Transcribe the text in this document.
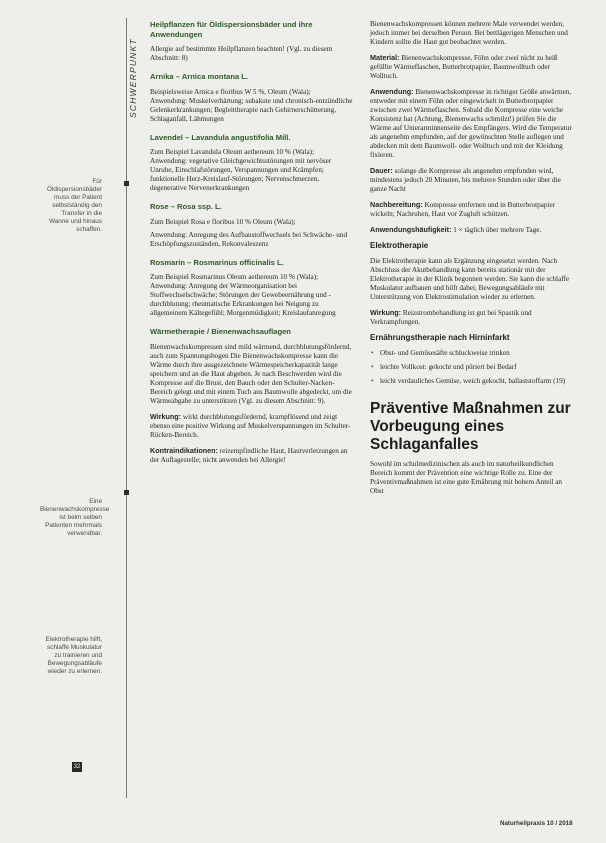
Für Öldispersionsbäder muss der Patient selbstständig den Transfer in die Wanne und hinaus schaffen.
Eine Bienenwachskompresse ist beim selben Patienten mehrmals verwendbar.
Elektrotherapie hilft, schlaffe Muskulatur zu trainieren und Bewegungsabläufe wieder zu erlernen.
SCHWERPUNKT

Heilpflanzen für Öldispersionsbäder und ihre Anwendungen

Allergie auf bestimmte Heilpflanzen beachten! (Vgl. zu diesem Abschnitt: 8)

Arnika – Arnica montana L.

Beispielsweise Arnica e floribus W 5 %, Oleum (Wala);

Anwendung: Muskelverhärtung; subakute und chronisch-entzündliche Gelenkerkrankungen; Begleittherapie nach Gehirnerschütterung, Schlaganfall, Lähmungen

Lavendel – Lavandula angustifolia Mill.

Zum Beispiel Lavandula Oleum aethereum 10 % (Wala);

Anwendung: vegetative Gleichgewichtsstörungen mit nervöser Unruhe, Einschlafstörungen, Verspannungen und Krämpfen; funktionelle Herz-Kreislauf-Störungen; Nervenschmerzen, degenerative Nervenerkrankungen

Rose – Rosa ssp. L.

Zum Beispiel Rosa e floribus 10 % Oleum (Wala);

Anwendung: Anregung des Aufbaustoffwechsels bei Schwäche- und Erschöpfungszuständen, Rekonvaleszenz

Rosmarin – Rosmarinus officinalis L.

Zum Beispiel Rosmarinus Oleum aethereum 10 % (Wala);

Anwendung: Anregung der Wärmeorganisation bei Stoffwechselschwäche; Störungen der Gewebeernährung und -durchblutung; rheumatische Erkrankungen bei Neigung zu allgemeinem Kältegefühl; Morgenmüdigkeit; Kreislaufanregung

Wärmetherapie / Bienenwachsauflagen

Bienenwachskompressen sind mild wärmend, durchblutungsfördernd, auch zum Spannungsbogen Die Bienenwachskompresse kann die Wärme durch ihre ausgezeichnete Wärmespeicherkapazität lange speichern und an die Haut abgeben. Je nach Beschwerden wird die Kompresse auf die Brust, den Bauch oder den Schulter-Nacken-Bereich gelegt und mit einem Tuch aus Baumwolle abgedeckt, um die Wärmeabgabe zu unterstützen (Vgl. zu diesem Abschnitt: 9).

Wirkung: wirkt durchblutungsfördernd, krampflösend und zeigt ebenso eine positive Wirkung auf Muskelverspannungen im Schulter-Rücken-Bereich.

Kontraindikationen: reizempfindliche Haut, Hautverletzungen an der Auflagestelle; nicht anwenden bei Allergie!

Bienenwachskompressen können mehrere Male verwendet werden, jedoch immer bei derselben Person. Bei bettlägerigen Menschen und Kindern sollte die Haut gut beobachtet werden.

Material: Bienenwachskompresse, Föhn oder zwei nicht zu heiß gefüllte Wärmeflaschen, Butterbrotpapier, Baumwolltuch oder Wolltuch.

Anwendung: Bienenwachskompresse in richtiger Größe anwärmen, entweder mit einem Föhn oder eingewickelt in Butterbrotpapier zwischen zwei Wärmeflaschen. Sobald die Kompresse eine weiche Konsistenz hat (Achtung, Bienenwachs schmilzt!) prüfen Sie die Wärme auf Unterarminnenseite des Empfängers. Wird die Temperatur als angenehm empfunden, auf der gewünschten Stelle auflegen und abdecken mit dem Baumwoll- oder Wolltuch und mit der Kleidung fixieren.

Dauer: solange die Kompresse als angenehm empfunden wird, mindestens jedoch 20 Minuten, bis mehrere Stunden oder über die ganze Nacht

Nachbereitung: Kompresse entfernen und in Butterbrotpapier wickeln; Nachruhen, Haut vor Zugluft schützen.

Anwendungshäufigkeit: 1 × täglich über mehrere Tage.

Elektrotherapie

Die Elektrotherapie kann als Ergänzung eingesetzt werden. Nach Abschluss der Akutbehandlung kann bereits stationär mit der Elektrotherapie in der Klinik begonnen werden. Sie kann die schlaffe Muskulatur aufbauen und hilft dabei, Bewegungsabläufe mit Unterstützung von Elektrostimulation wieder zu erlernen.

Wirkung: Reizstrombehandlung ist gut bei Spastik und Verkrampfungen.

Ernährungstherapie nach Hirninfarkt

• Obst- und Gemüsesäfte schluckweise trinken
• leichte Vollkost: gekocht und püriert bei Bedarf
• leicht verdauliches Gemüse, weich gekocht, ballaststoffarm (19)

Präventive Maßnahmen zur Vorbeugung eines Schlaganfalles

Sowohl im schulmedizinischen als auch im naturheilkundlichen Bereich kommt der Prävention eine wichtige Rolle zu. Eine der Präventivmaßnahmen ist eine gute Ernährung mit hohem Anteil an Obst

32
Naturheilpraxis 10 / 2018
